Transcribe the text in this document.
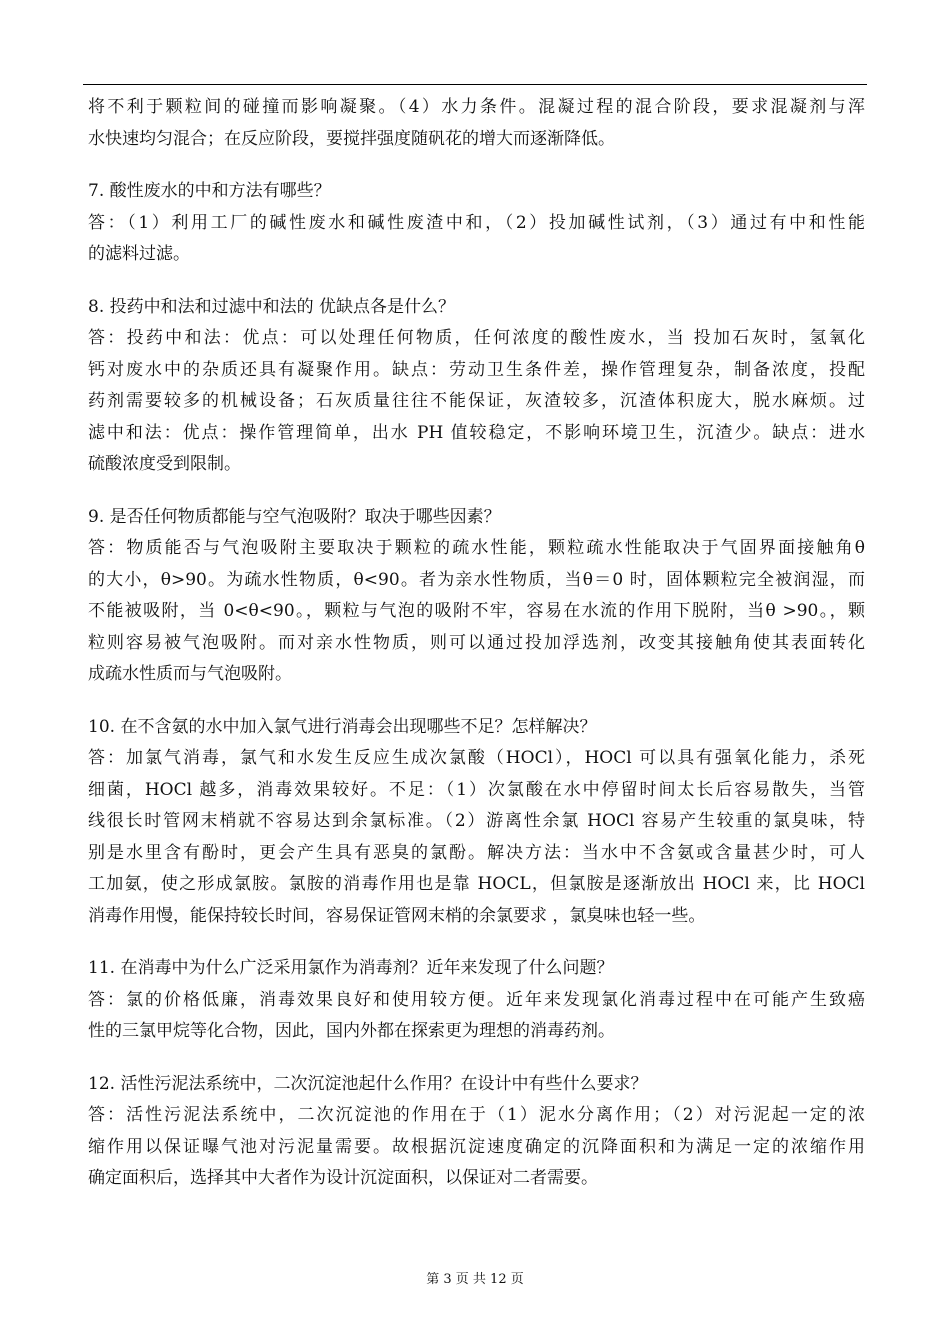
将不利于颗粒间的碰撞而影响凝聚。（4）水力条件。混凝过程的混合阶段，要求混凝剂与浑
水快速均匀混合；在反应阶段，要搅拌强度随矾花的增大而逐渐降低。
7. 酸性废水的中和方法有哪些？
答：（1）利用工厂的碱性废水和碱性废渣中和，（2）投加碱性试剂，（3）通过有中和性能
的滤料过滤。
8. 投药中和法和过滤中和法的 优缺点各是什么？
答：投药中和法：优点：可以处理任何物质，任何浓度的酸性废水，当 投加石灰时，氢氧化
钙对废水中的杂质还具有凝聚作用。缺点：劳动卫生条件差，操作管理复杂，制备浓度，投配
药剂需要较多的机械设备；石灰质量往往不能保证，灰渣较多，沉渣体积庞大，脱水麻烦。过
滤中和法：优点：操作管理简单，出水 PH 值较稳定，不影响环境卫生，沉渣少。缺点：进水
硫酸浓度受到限制。
9. 是否任何物质都能与空气泡吸附？取决于哪些因素？
答：物质能否与气泡吸附主要取决于颗粒的疏水性能，颗粒疏水性能取决于气固界面接触角θ
的大小，θ>90。为疏水性物质，θ<90。者为亲水性物质，当θ＝0 时，固体颗粒完全被润湿，而
不能被吸附，当 0<θ<90。，颗粒与气泡的吸附不牢，容易在水流的作用下脱附，当θ >90。，颗
粒则容易被气泡吸附。而对亲水性物质，则可以通过投加浮选剂，改变其接触角使其表面转化
成疏水性质而与气泡吸附。
10. 在不含氨的水中加入氯气进行消毒会出现哪些不足？怎样解决？
答：加氯气消毒，氯气和水发生反应生成次氯酸（HOCl），HOCl 可以具有强氧化能力，杀死
细菌，HOCl 越多，消毒效果较好。不足：（1）次氯酸在水中停留时间太长后容易散失，当管
线很长时管网末梢就不容易达到余氯标准。（2）游离性余氯 HOCl 容易产生较重的氯臭味，特
别是水里含有酚时，更会产生具有恶臭的氯酚。解决方法：当水中不含氨或含量甚少时，可人
工加氨，使之形成氯胺。氯胺的消毒作用也是靠 HOCL，但氯胺是逐渐放出 HOCl 来，比 HOCl
消毒作用慢，能保持较长时间，容易保证管网末梢的余氯要求 ，氯臭味也轻一些。
11. 在消毒中为什么广泛采用氯作为消毒剂？近年来发现了什么问题？
答：氯的价格低廉，消毒效果良好和使用较方便。近年来发现氯化消毒过程中在可能产生致癌
性的三氯甲烷等化合物，因此，国内外都在探索更为理想的消毒药剂。
12. 活性污泥法系统中，二次沉淀池起什么作用？在设计中有些什么要求？
答：活性污泥法系统中，二次沉淀池的作用在于（1）泥水分离作用；（2）对污泥起一定的浓
缩作用以保证曝气池对污泥量需要。故根据沉淀速度确定的沉降面积和为满足一定的浓缩作用
确定面积后，选择其中大者作为设计沉淀面积，以保证对二者需要。
第 3 页 共 12 页
